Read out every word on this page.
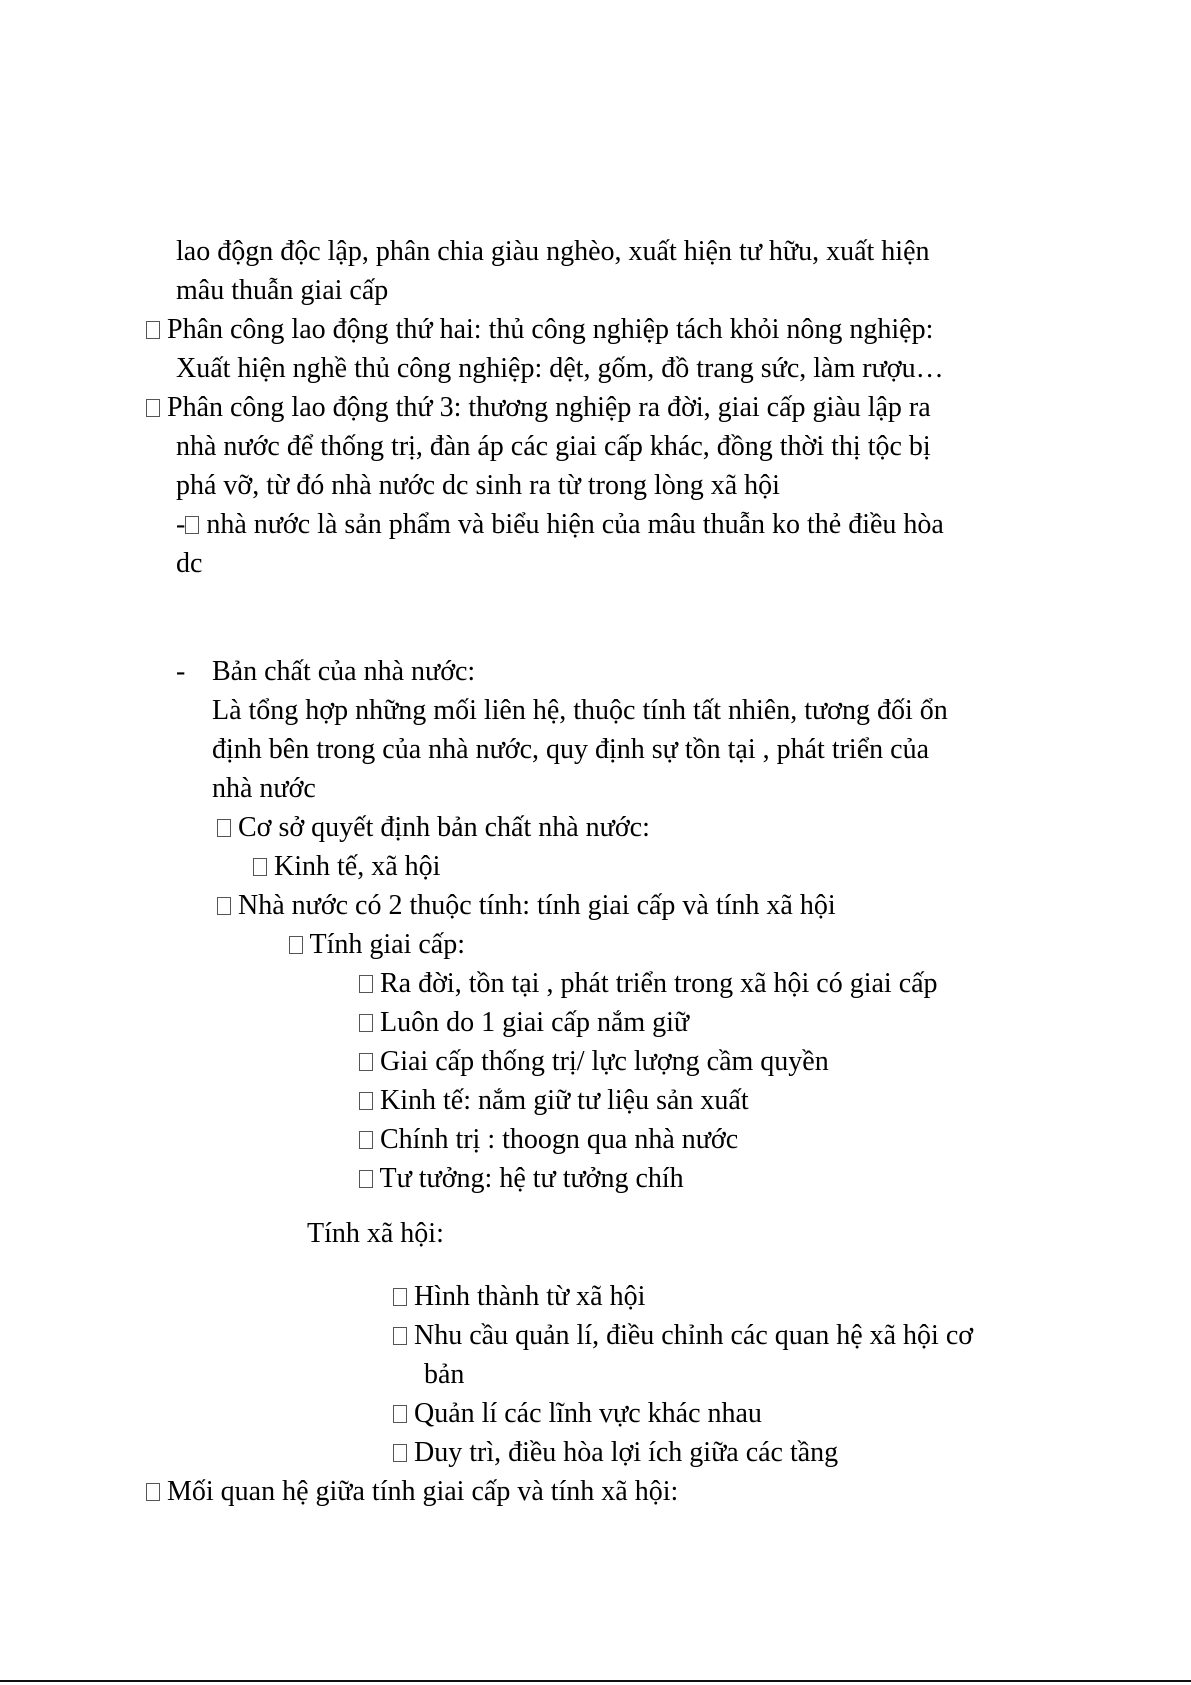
lao độgn độc lập, phân chia giàu nghèo, xuất hiện tư hữu, xuất hiện
mâu thuẫn giai cấp
Phân công lao động thứ hai: thủ công nghiệp tách khỏi nông nghiệp:
Xuất hiện nghề thủ công nghiệp: dệt, gốm, đồ trang sức, làm rượu…
Phân công lao động thứ 3: thương nghiệp ra đời, giai cấp giàu lập ra
nhà nước để thống trị, đàn áp các giai cấp khác, đồng thời thị tộc bị
phá vỡ, từ đó nhà nước dc sinh ra từ trong lòng xã hội
- nhà nước là sản phẩm và biểu hiện của mâu thuẫn ko thẻ điều hòa
dc
- Bản chất của nhà nước:
Là tổng hợp những mối liên hệ, thuộc tính tất nhiên, tương đối ổn
định bên trong của nhà nước, quy định sự tồn tại , phát triển của
nhà nước
Cơ sở quyết định bản chất nhà nước:
Kinh tế, xã hội
Nhà nước có 2 thuộc tính: tính giai cấp và tính xã hội
Tính giai cấp:
Ra đời, tồn tại , phát triển trong xã hội có giai cấp
Luôn do 1 giai cấp nắm giữ
Giai cấp thống trị/ lực lượng cầm quyền
Kinh tế: nắm giữ tư liệu sản xuất
Chính trị : thoogn qua nhà nước
Tư tưởng: hệ tư tưởng chíh
Tính xã hội:
Hình thành từ xã hội
Nhu cầu quản lí, điều chỉnh các quan hệ xã hội cơ
bản
Quản lí các lĩnh vực khác nhau
Duy trì, điều hòa lợi ích giữa các tầng
Mối quan hệ giữa tính giai cấp và tính xã hội:
